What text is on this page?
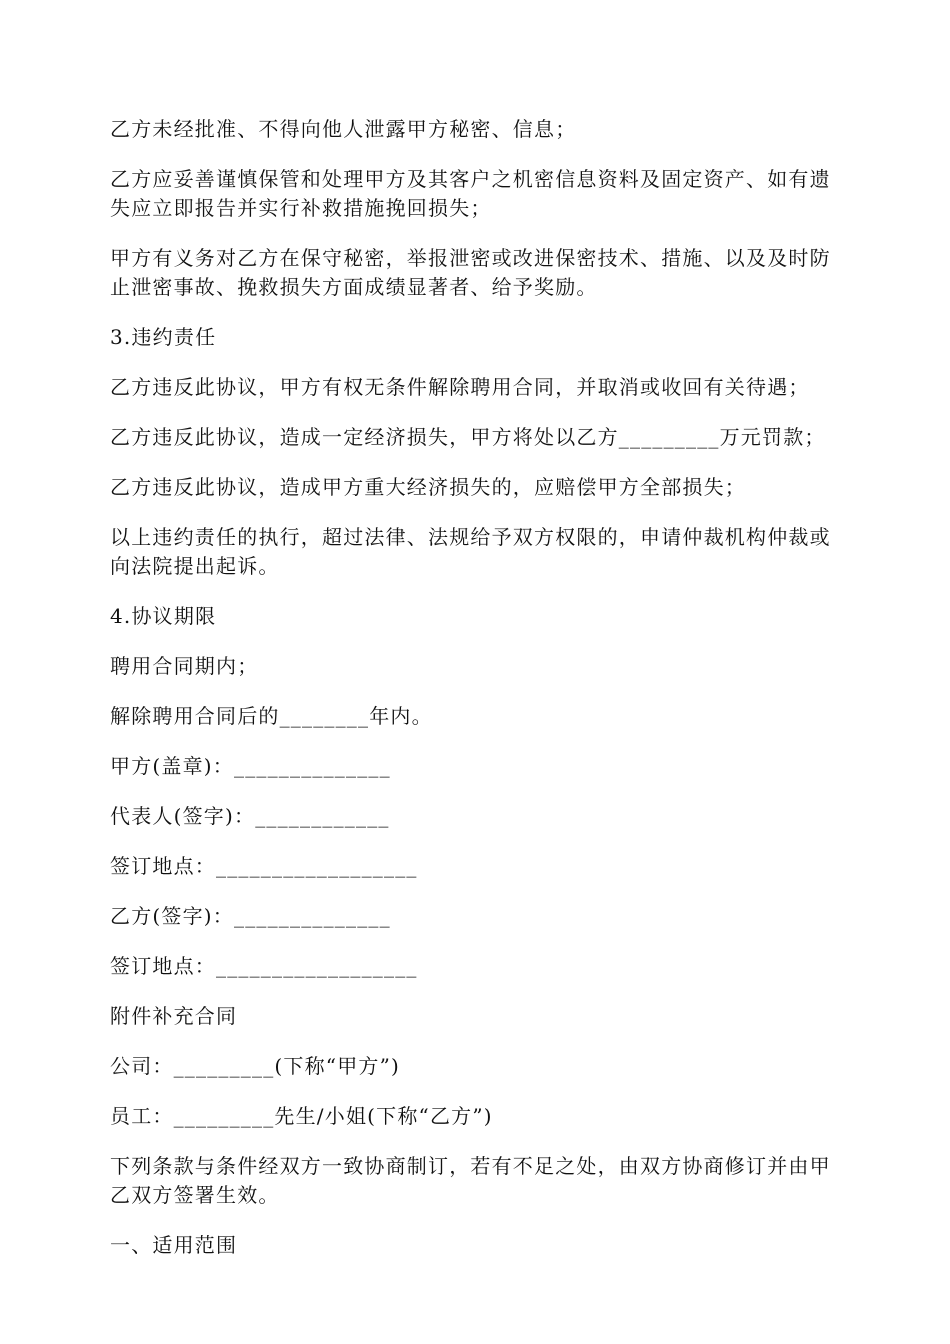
乙方未经批准、不得向他人泄露甲方秘密、信息；

乙方应妥善谨慎保管和处理甲方及其客户之机密信息资料及固定资产、如有遗失应立即报告并实行补救措施挽回损失；

甲方有义务对乙方在保守秘密，举报泄密或改进保密技术、措施、以及及时防止泄密事故、挽救损失方面成绩显著者、给予奖励。

3.违约责任

乙方违反此协议，甲方有权无条件解除聘用合同，并取消或收回有关待遇；

乙方违反此协议，造成一定经济损失，甲方将处以乙方_________万元罚款；

乙方违反此协议，造成甲方重大经济损失的，应赔偿甲方全部损失；

以上违约责任的执行，超过法律、法规给予双方权限的，申请仲裁机构仲裁或向法院提出起诉。

4.协议期限

聘用合同期内；

解除聘用合同后的________年内。

甲方(盖章)：______________

代表人(签字)：____________

签订地点：__________________

乙方(签字)：______________

签订地点：__________________

附件补充合同

公司：_________(下称“甲方”)

员工：_________先生/小姐(下称“乙方”)

下列条款与条件经双方一致协商制订，若有不足之处，由双方协商修订并由甲乙双方签署生效。

一、适用范围
